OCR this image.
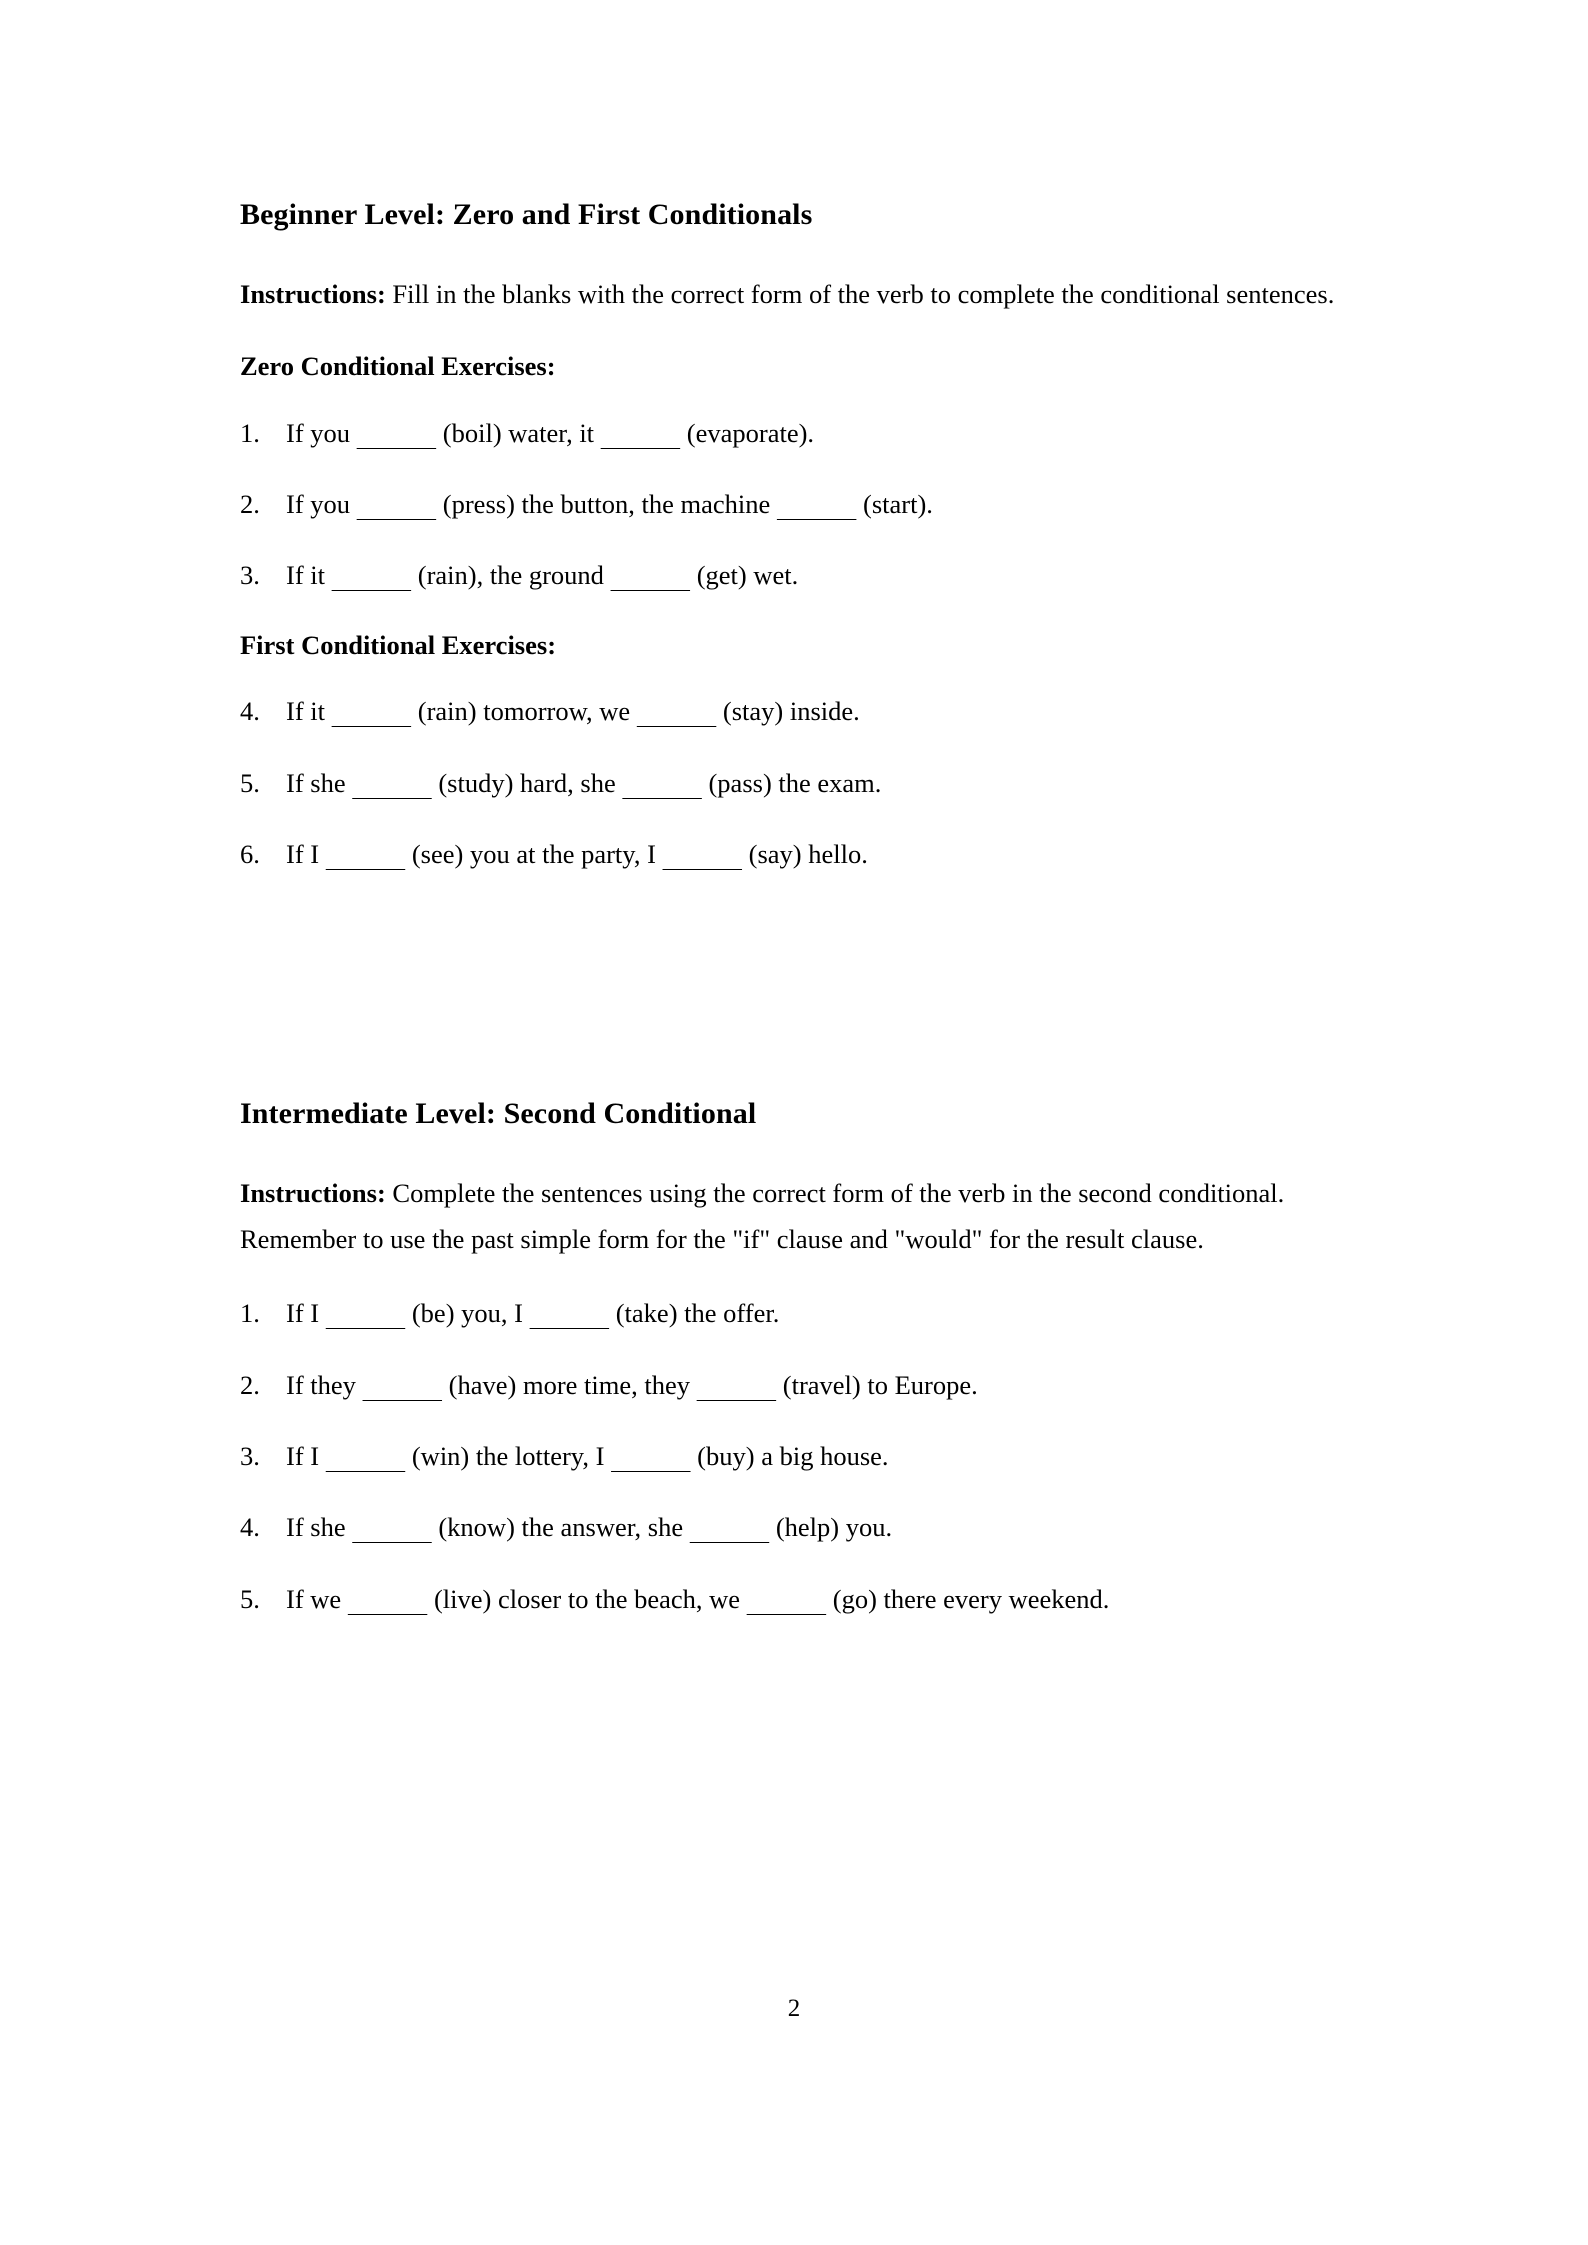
Beginner Level: Zero and First Conditionals

Instructions: Fill in the blanks with the correct form of the verb to complete the conditional sentences.

Zero Conditional Exercises:
1. If you       	(boil) water, it       	(evaporate).
2. If you       	(press) the button, the machine       	(start).
3. If it       	(rain), the ground       	(get) wet.
First Conditional Exercises:
4. If it       	(rain) tomorrow, we       	(stay) inside.
5. If she       	(study) hard, she       	(pass) the exam.
6. If I       	(see) you at the party, I       	(say) hello.
Intermediate Level: Second Conditional

Instructions: Complete the sentences using the correct form of the verb in the second conditional. Remember to use the past simple form for the "if" clause and "would" for the result clause.

1. If I       	(be) you, I       	(take) the offer.
2. If they       	(have) more time, they       	(travel) to Europe.
3. If I       	(win) the lottery, I       	(buy) a big house.
4. If she       	(know) the answer, she       	(help) you.
5. If we       	(live) closer to the beach, we       	(go) there every weekend.
2
